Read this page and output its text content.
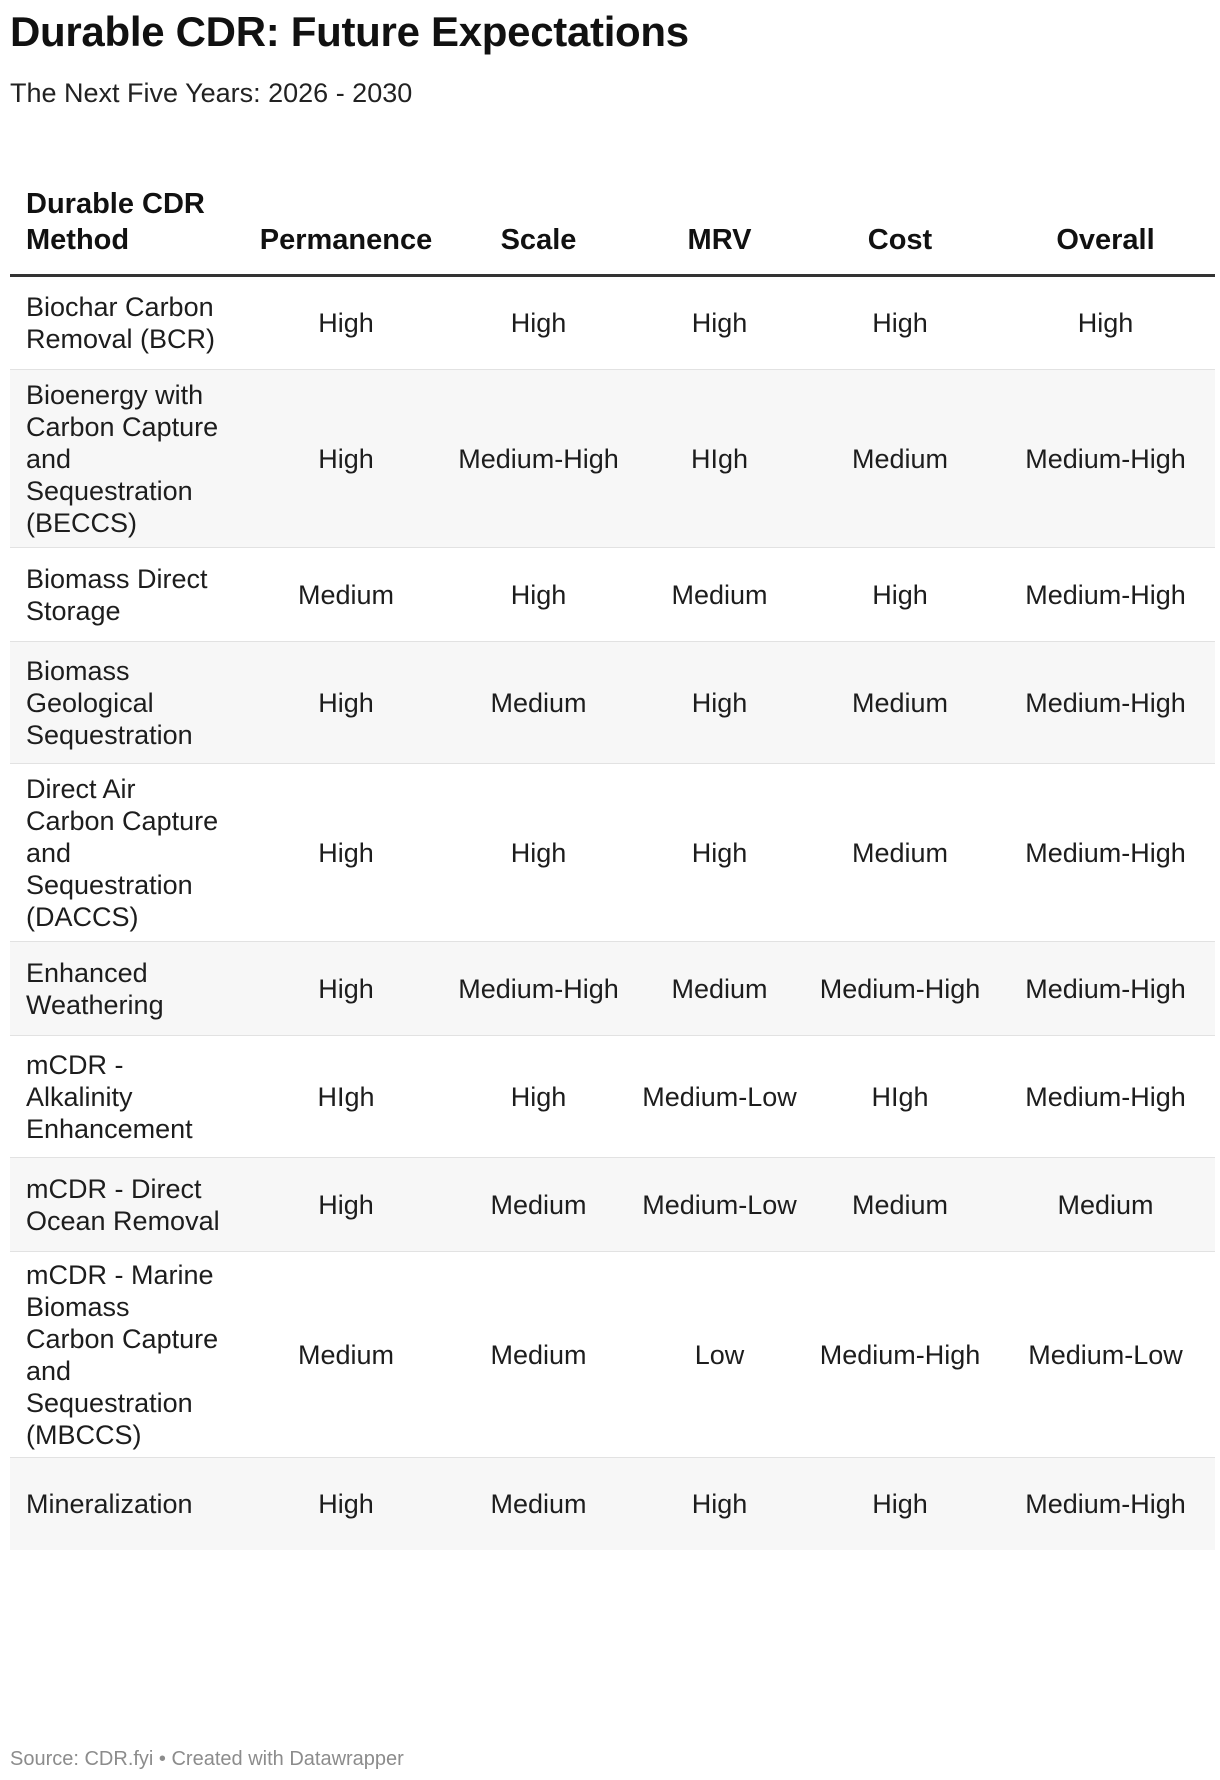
Durable CDR: Future Expectations

The Next Five Years: 2026 - 2030

Durable CDR Method	Permanence	Scale	MRV	Cost	Overall
Biochar Carbon Removal (BCR)	High	High	High	High	High
Bioenergy with Carbon Capture and Sequestration (BECCS)	High	Medium-High	HIgh	Medium	Medium-High
Biomass Direct Storage	Medium	High	Medium	High	Medium-High
Biomass Geological Sequestration	High	Medium	High	Medium	Medium-High
Direct Air Carbon Capture and Sequestration (DACCS)	High	High	High	Medium	Medium-High
Enhanced Weathering	High	Medium-High	Medium	Medium-High	Medium-High
mCDR - Alkalinity Enhancement	HIgh	High	Medium-Low	HIgh	Medium-High
mCDR - Direct Ocean Removal	High	Medium	Medium-Low	Medium	Medium
mCDR - Marine Biomass Carbon Capture and Sequestration (MBCCS)	Medium	Medium	Low	Medium-High	Medium-Low
Mineralization	High	Medium	High	High	Medium-High

Source: CDR.fyi • Created with Datawrapper
